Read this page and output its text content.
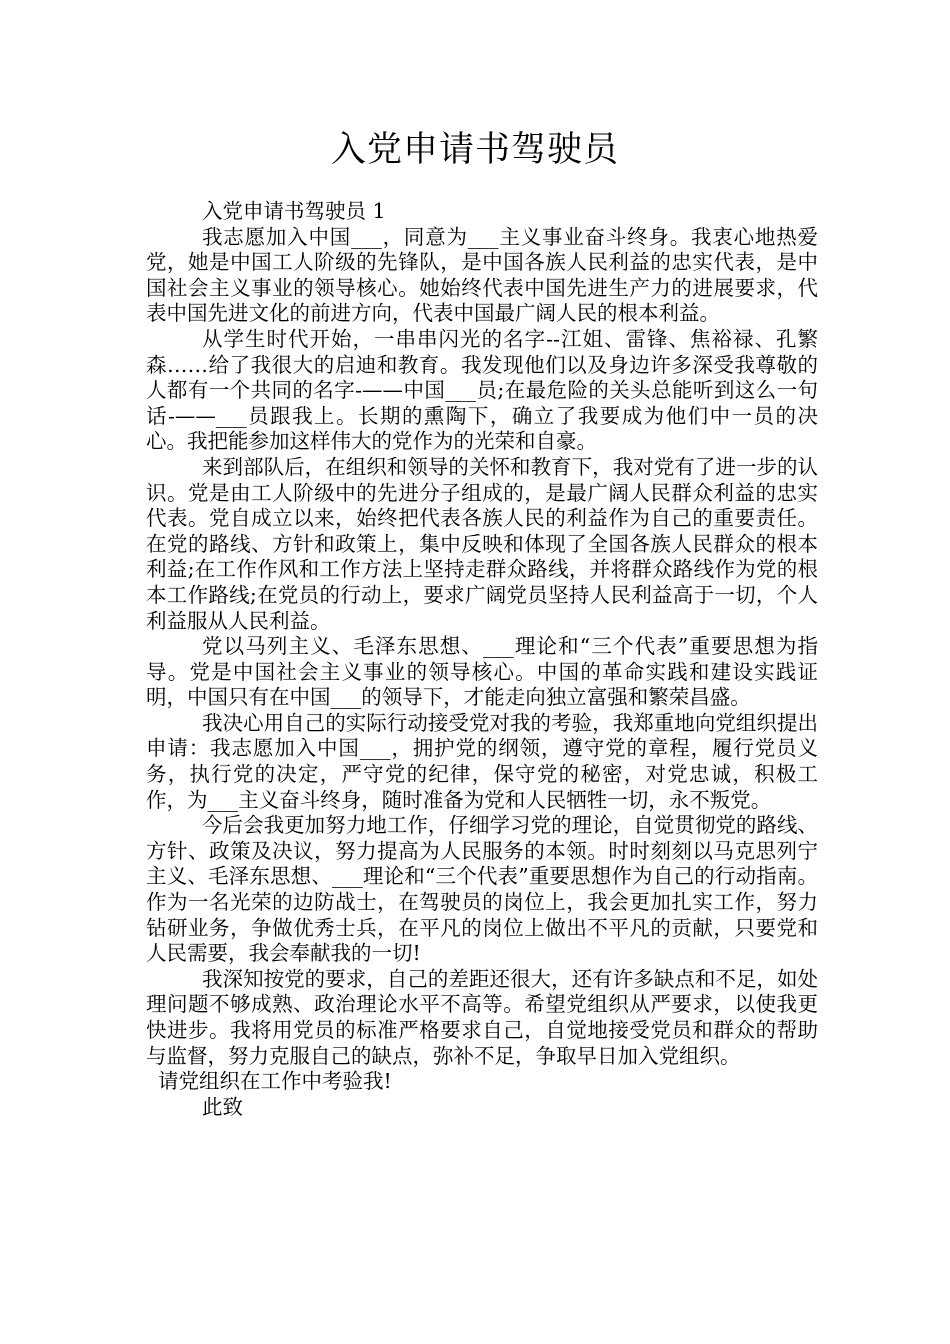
入党申请书驾驶员

入党申请书驾驶员 1

我志愿加入中国___，同意为___主义事业奋斗终身。我衷心地热爱党，她是中国工人阶级的先锋队，是中国各族人民利益的忠实代表，是中国社会主义事业的领导核心。她始终代表中国先进生产力的进展要求，代表中国先进文化的前进方向，代表中国最广阔人民的根本利益。

从学生时代开始，一串串闪光的名字--江姐、雷锋、焦裕禄、孔繁森……给了我很大的启迪和教育。我发现他们以及身边许多深受我尊敬的人都有一个共同的名字-——中国___员;在最危险的关头总能听到这么一句话-——___员跟我上。长期的熏陶下，确立了我要成为他们中一员的决心。我把能参加这样伟大的党作为的光荣和自豪。

来到部队后，在组织和领导的关怀和教育下，我对党有了进一步的认识。党是由工人阶级中的先进分子组成的，是最广阔人民群众利益的忠实代表。党自成立以来，始终把代表各族人民的利益作为自己的重要责任。在党的路线、方针和政策上，集中反映和体现了全国各族人民群众的根本利益;在工作作风和工作方法上坚持走群众路线，并将群众路线作为党的根本工作路线;在党员的行动上，要求广阔党员坚持人民利益高于一切，个人利益服从人民利益。

党以马列主义、毛泽东思想、___理论和“三个代表”重要思想为指导。党是中国社会主义事业的领导核心。中国的革命实践和建设实践证明，中国只有在中国___的领导下，才能走向独立富强和繁荣昌盛。

我决心用自己的实际行动接受党对我的考验，我郑重地向党组织提出申请：我志愿加入中国___，拥护党的纲领，遵守党的章程，履行党员义务，执行党的决定，严守党的纪律，保守党的秘密，对党忠诚，积极工作，为___主义奋斗终身，随时准备为党和人民牺牲一切，永不叛党。

今后会我更加努力地工作，仔细学习党的理论，自觉贯彻党的路线、方针、政策及决议，努力提高为人民服务的本领。时时刻刻以马克思列宁主义、毛泽东思想、___理论和“三个代表”重要思想作为自己的行动指南。作为一名光荣的边防战士，在驾驶员的岗位上，我会更加扎实工作，努力钻研业务，争做优秀士兵，在平凡的岗位上做出不平凡的贡献，只要党和人民需要，我会奉献我的一切!

我深知按党的要求，自己的差距还很大，还有许多缺点和不足，如处理问题不够成熟、政治理论水平不高等。希望党组织从严要求，以使我更快进步。我将用党员的标准严格要求自己，自觉地接受党员和群众的帮助与监督，努力克服自己的缺点，弥补不足，争取早日加入党组织。

请党组织在工作中考验我!

此致
